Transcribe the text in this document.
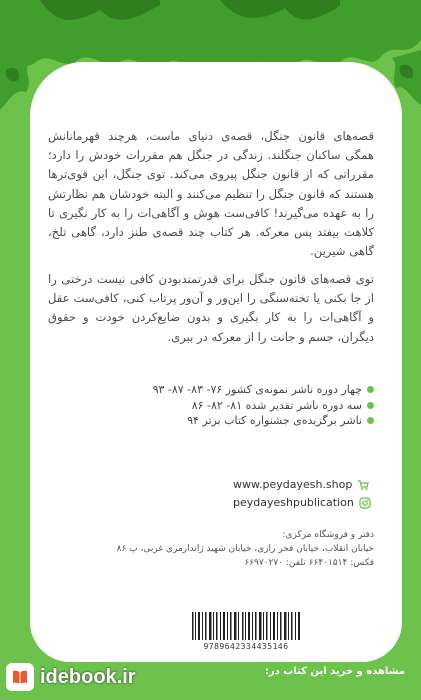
قصه‌های قانون جنگل، قصه‌ی دنیای ماست، هرچند قهرمانانش همگی ساکنان جنگلند. زندگی در جنگل هم مقررات خودش را دارد؛ مقرراتی که از قانون جنگل پیروی می‌کند. توی جنگل، این قوی‌ترها هستند که قانون جنگل را تنظیم می‌کنند و البته خودشان هم نظارتش را به عهده می‌گیرند! کافی‌ست هوش و آگاهی‌ات را به کار نگیری تا کلاهت بیفتد پس معرکه. هر کتاب چند قصه‌ی طنز دارد، گاهی تلخ، گاهی شیرین.

توی قصه‌های قانون جنگل برای قدرتمندبودن کافی نیست درختی را از جا بکنی یا تخته‌سنگی را این‌ور و آن‌ور پرتاب کنی، کافی‌ست عقل و آگاهی‌ات را به کار بگیری و بدون ضایع‌کردن خودت و حقوق دیگران، جسم و جانت را از معرکه در ببری.

چهار دوره ناشر نمونه‌ی کشور ۷۶- ۸۳- ۸۷- ۹۳
سه دوره ناشر تقدیر شده ۸۱- ۸۲- ۸۶
ناشر برگزیده‌ی جشنواره کتاب برتر ۹۴
www.peydayesh.shop
peydayeshpublication
دفتر و فروشگاه مرکزی:
خیابان انقلاب، خیابان فخر رازی، خیابان شهید ژاندارمری غربی، پ ۸۶
فکس: ۶۶۴۰۱۵۱۴ تلفن: ۶۶۹۷۰۲۷۰
9789642334435146
مشاهده و خرید این کتاب در:
idebook.ir
